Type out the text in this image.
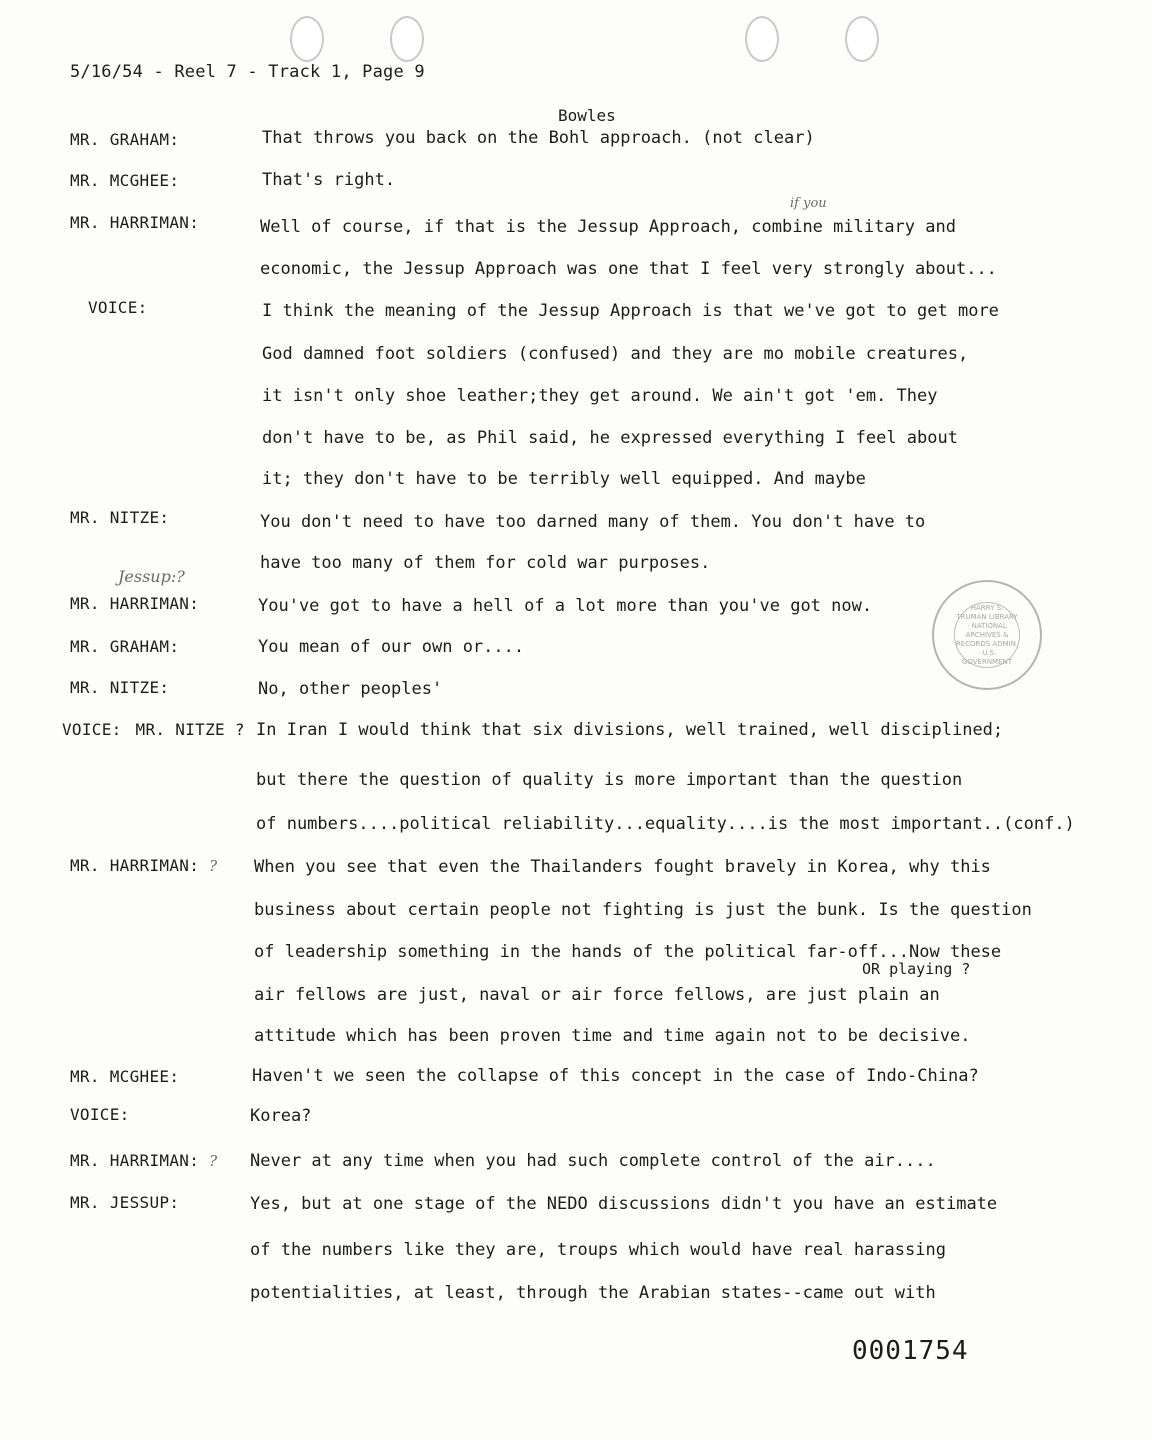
5/16/54 - Reel 7 - Track 1, Page 9
Bowles
if you
OR playing ?
MR. GRAHAM:	That throws you back on the Bohl approach. (not clear)
MR. MCGHEE:	That's right.
MR. HARRIMAN:	Well of course, if that is the Jessup Approach, combine military and
economic, the Jessup Approach was one that I feel very strongly about...
VOICE:	I think the meaning of the Jessup Approach is that we've got to get more
God damned foot soldiers (confused) and they are mo mobile creatures,
it isn't only shoe leather;they get around. We ain't got 'em. They
don't have to be, as Phil said, he expressed everything I feel about
it; they don't have to be terribly well equipped. And maybe
MR. NITZE:	You don't need to have too darned many of them. You don't have to
have too many of them for cold war purposes.
Jessup:?
MR. HARRIMAN:	You've got to have a hell of a lot more than you've got now.
MR. GRAHAM:	You mean of our own or....
MR. NITZE:	No, other peoples'
VOICE: MR. NITZE ? In Iran I would think that six divisions, well trained, well disciplined;
but there the question of quality is more important than the question
of numbers....political reliability...equality....is the most important..(conf.)
MR. HARRIMAN: ? When you see that even the Thailanders fought bravely in Korea, why this
business about certain people not fighting is just the bunk. Is the question
of leadership something in the hands of the political far-off...Now these
air fellows are just, naval or air force fellows, are just plain an
attitude which has been proven time and time again not to be decisive.
MR. MCGHEE:	Haven't we seen the collapse of this concept in the case of Indo-China?
VOICE:	Korea?
MR. HARRIMAN: ? Never at any time when you had such complete control of the air....
MR. JESSUP:	Yes, but at one stage of the NEDO discussions didn't you have an estimate
of the numbers like they are, troups which would have real harassing
potentialities, at least, through the Arabian states--came out with
HARRY S. TRUMAN LIBRARY · NATIONAL ARCHIVES & RECORDS ADMIN. · U.S. GOVERNMENT
0001754
